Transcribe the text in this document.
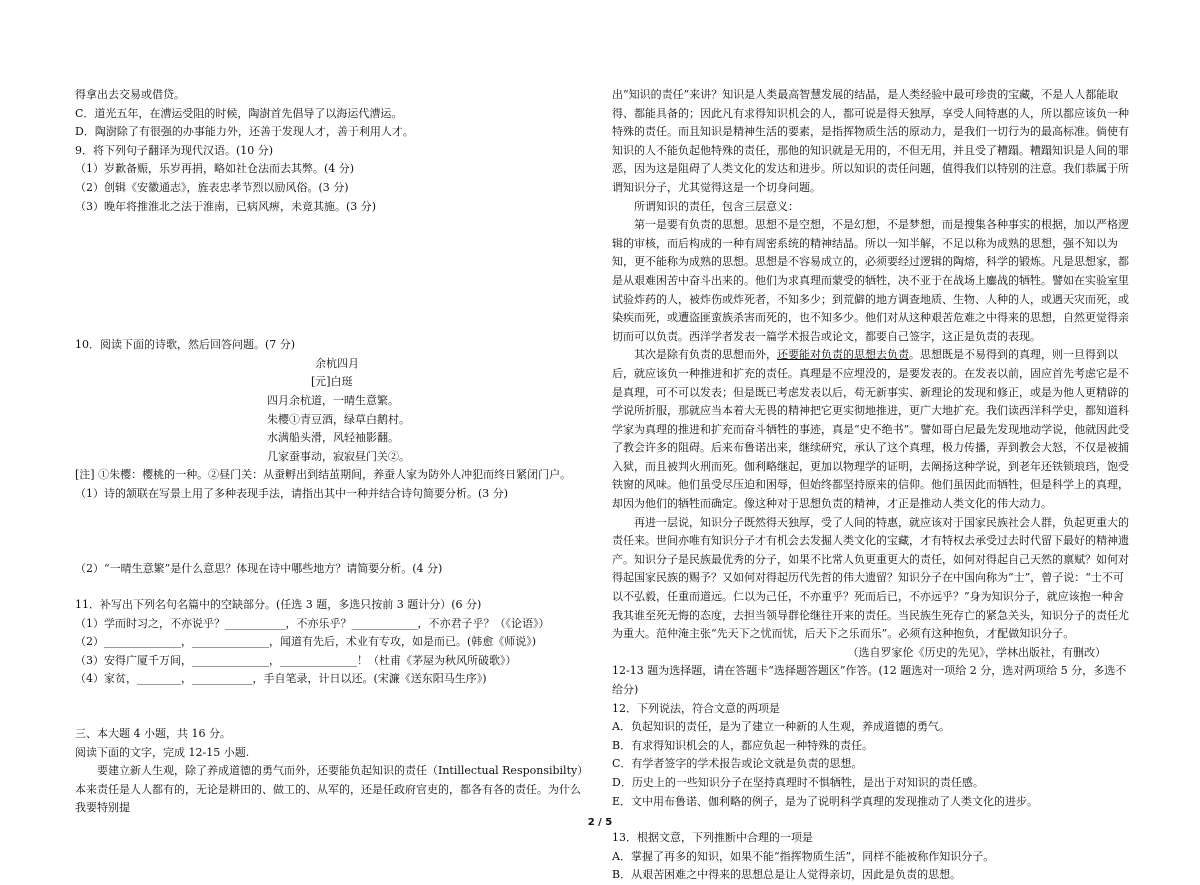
得拿出去交易或借贷。

C．道光五年，在漕运受阻的时候，陶澍首先倡导了以海运代漕运。

D．陶澍除了有很强的办事能力外，还善于发现人才，善于利用人才。

9．将下列句子翻译为现代汉语。(10 分)

（1）岁歉备赈，乐岁再捐，略如社仓法而去其弊。(4 分)

（2）创辑《安徽通志》，旌表忠孝节烈以励风俗。(3 分)

（3）晚年将推淮北之法于淮南，已病风痹，未竟其施。(3 分)

10．阅读下面的诗歌，然后回答问题。(7 分)

余杭四月

[元]白珽

四月余杭道，一晴生意繁。

朱樱①青豆酒，绿草白鹅村。

水满船头滑，风轻袖影翻。

几家蚕事动，寂寂昼门关②。

[注] ①朱樱：樱桃的一种。②昼门关：从蚕孵出到结茧期间，养蚕人家为防外人冲犯而终日紧闭门户。

（1）诗的颔联在写景上用了多种表现手法，请指出其中一种并结合诗句简要分析。(3 分)

（2）“一晴生意繁”是什么意思？体现在诗中哪些地方？请简要分析。(4 分)

11．补写出下列名句名篇中的空缺部分。(任选 3 题，多选只按前 3 题计分）(6 分)

（1）学而时习之，不亦说乎？___________，不亦乐乎？____________，不亦君子乎？（《论语》）

（2）______________，______________，闻道有先后，术业有专攻，如是而已。(韩愈《师说》)

（3）安得广厦千万间，______________，______________！（杜甫《茅屋为秋风所破歌》）

（4）家贫，________，___________，手自笔录，计日以还。(宋濂《送东阳马生序》)

三、本大题 4 小题，共 16 分。

阅读下面的文字，完成 12-15 小题.

要建立新人生观，除了养成道德的勇气而外，还要能负起知识的责任（Intillectual Responsibilty）本来责任是人人都有的，无论是耕田的、做工的、从军的，还是任政府官吏的，都各有各的责任。为什么我要特别提

出“知识的责任”来讲？知识是人类最高智慧发展的结晶，是人类经验中最可珍贵的宝藏，不是人人都能取得、都能具备的；因此凡有求得知识机会的人，都可说是得天独厚，享受人间特惠的人，所以都应该负一种特殊的责任。而且知识是精神生活的要素，是指挥物质生活的原动力，是我们一切行为的最高标准。倘使有知识的人不能负起他特殊的责任，那他的知识就是无用的，不但无用，并且受了糟蹋。糟蹋知识是人间的罪恶，因为这是阻碍了人类文化的发达和进步。所以知识的责任问题，值得我们以特别的注意。我们恭属于所谓知识分子，尤其觉得这是一个切身问题。

所谓知识的责任，包含三层意义：

第一是要有负责的思想。思想不是空想，不是幻想，不是梦想，而是搜集各种事实的根据，加以严格逻辑的审核，而后构成的一种有周密系统的精神结晶。所以一知半解，不足以称为成熟的思想，强不知以为知，更不能称为成熟的思想。思想是不容易成立的，必须要经过逻辑的陶熔，科学的锻炼。凡是思想家，都是从艰难困苦中奋斗出来的。他们为求真理而蒙受的牺牲，决不亚于在战场上鏖战的牺牲。譬如在实验室里试验炸药的人，被炸伤或炸死者，不知多少；到荒僻的地方调查地质、生物、人种的人，或遇天灾而死，或染疾而死，或遭盗匪蛮族杀害而死的，也不知多少。他们对从这种艰苦危难之中得来的思想，自然更觉得亲切而可以负责。西洋学者发表一篇学术报告或论文，都要自己签字，这正是负责的表现。

其次是除有负责的思想而外，还要能对负责的思想去负责。思想既是不易得到的真理，则一旦得到以后，就应该负一种推进和扩充的责任。真理是不应埋没的，是要发表的。在发表以前，固应首先考虑它是不是真理，可不可以发表；但是既已考虑发表以后，苟无新事实、新理论的发现和修正，或是为他人更精辟的学说所折服，那就应当本着大无畏的精神把它更实彻地推进，更广大地扩充。我们读西洋科学史，都知道科学家为真理的推进和扩充而奋斗牺牲的事迹，真是“史不绝书”。譬如哥白尼最先发现地动学说，他就因此受了教会许多的阻碍。后来布鲁诺出来，继续研究，承认了这个真理，极力传播，弄到教会大怒，不仅是被捕入狱，而且被判火刑而死。伽利略继起，更加以物理学的证明，去阐扬这种学说，到老年还铁锁琅珰，饱受铁窗的风味。他们虽受尽压迫和困辱，但始终都坚持原来的信仰。他们虽因此而牺牲，但是科学上的真理，却因为他们的牺牲而确定。像这种对于思想负责的精神，才正是推动人类文化的伟大动力。

再进一层说，知识分子既然得天独厚，受了人间的特惠，就应该对于国家民族社会人群，负起更重大的责任来。世间亦唯有知识分子才有机会去发掘人类文化的宝藏，才有特权去承受过去时代留下最好的精神遗产。知识分子是民族最优秀的分子，如果不比常人负更重更大的责任，如何对得起自己天然的禀赋？如何对得起国家民族的赐予？又如何对得起历代先哲的伟大遗留？知识分子在中国向称为“士”，曾子说：“士不可以不弘毅，任重而道远。仁以为己任，不亦重乎？死而后已，不亦远乎？”身为知识分子，就应该抱一种舍我其谁至死无悔的态度，去担当领导群伦继往开来的责任。当民族生死存亡的紧急关头，知识分子的责任尤为重大。范仲淹主张“先天下之忧而忧，后天下之乐而乐”。必须有这种抱负，才配做知识分子。

（选自罗家伦《历史的先见》，学林出版社，有删改）

12-13 题为选择题，请在答题卡“选择题答题区”作答。(12 题选对一项给 2 分，选对两项给 5 分，多选不给分)

12．下列说法，符合文意的两项是

A．负起知识的责任，是为了建立一种新的人生观，养成道德的勇气。

B．有求得知识机会的人，都应负起一种特殊的责任。

C．有学者签字的学术报告或论文就是负责的思想。

D．历史上的一些知识分子在坚持真理时不惧牺牲，是出于对知识的责任感。

E．文中用布鲁诺、伽利略的例子，是为了说明科学真理的发现推动了人类文化的进步。

13．根据文意，下列推断中合理的一项是

A．掌握了再多的知识，如果不能“指挥物质生活”，同样不能被称作知识分子。

B．从艰苦困难之中得来的思想总是让人觉得亲切，因此是负责的思想。

2 / 5
